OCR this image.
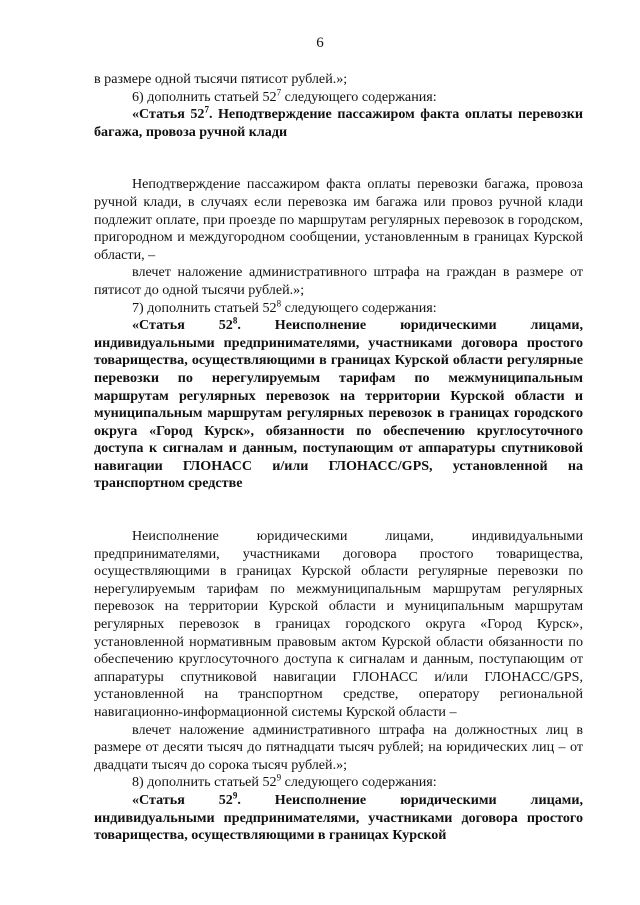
6

в размере одной тысячи пятисот рублей.»;

6) дополнить статьей $52^7$ следующего содержания:

«Статья $52^7$. Неподтверждение пассажиром факта оплаты перевозки багажа, провоза ручной клади

Неподтверждение пассажиром факта оплаты перевозки багажа, провоза ручной клади, в случаях если перевозка им багажа или провоз ручной клади подлежит оплате, при проезде по маршрутам регулярных перевозок в городском, пригородном и междугородном сообщении, установленным в границах Курской области, –

влечет наложение административного штрафа на граждан в размере от пятисот до одной тысячи рублей.»;

7) дополнить статьей $52^8$ следующего содержания:

«Статья $52^8$. Неисполнение юридическими лицами, индивидуальными предпринимателями, участниками договора простого товарищества, осуществляющими в границах Курской области регулярные перевозки по нерегулируемым тарифам по межмуниципальным маршрутам регулярных перевозок на территории Курской области и муниципальным маршрутам регулярных перевозок в границах городского округа «Город Курск», обязанности по обеспечению круглосуточного доступа к сигналам и данным, поступающим от аппаратуры спутниковой навигации ГЛОНАСС и/или ГЛОНАСС/GPS, установленной на транспортном средстве

Неисполнение юридическими лицами, индивидуальными предпринимателями, участниками договора простого товарищества, осуществляющими в границах Курской области регулярные перевозки по нерегулируемым тарифам по межмуниципальным маршрутам регулярных перевозок на территории Курской области и муниципальным маршрутам регулярных перевозок в границах городского округа «Город Курск», установленной нормативным правовым актом Курской области обязанности по обеспечению круглосуточного доступа к сигналам и данным, поступающим от аппаратуры спутниковой навигации ГЛОНАСС и/или ГЛОНАСС/GPS, установленной на транспортном средстве, оператору региональной навигационно-информационной системы Курской области –

влечет наложение административного штрафа на должностных лиц в размере от десяти тысяч до пятнадцати тысяч рублей; на юридических лиц – от двадцати тысяч до сорока тысяч рублей.»;

8) дополнить статьей $52^9$ следующего содержания:

«Статья $52^9$. Неисполнение юридическими лицами, индивидуальными предпринимателями, участниками договора простого товарищества, осуществляющими в границах Курской
